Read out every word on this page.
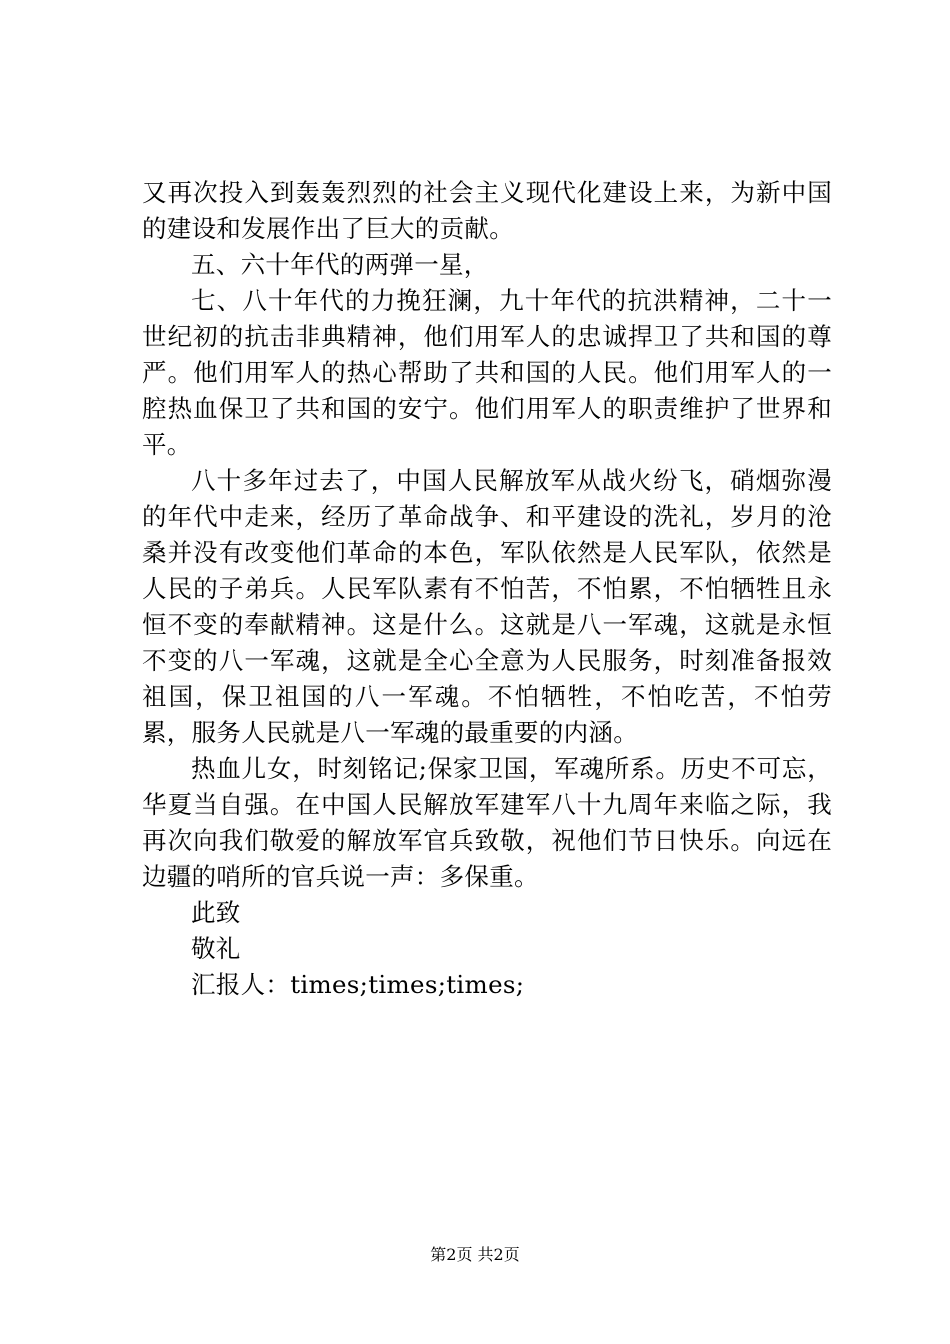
又再次投入到轰轰烈烈的社会主义现代化建设上来，为新中国的建设和发展作出了巨大的贡献。

五、六十年代的两弹一星，

七、八十年代的力挽狂澜，九十年代的抗洪精神，二十一世纪初的抗击非典精神，他们用军人的忠诚捍卫了共和国的尊严。他们用军人的热心帮助了共和国的人民。他们用军人的一腔热血保卫了共和国的安宁。他们用军人的职责维护了世界和平。

八十多年过去了，中国人民解放军从战火纷飞，硝烟弥漫的年代中走来，经历了革命战争、和平建设的洗礼，岁月的沧桑并没有改变他们革命的本色，军队依然是人民军队，依然是人民的子弟兵。人民军队素有不怕苦，不怕累，不怕牺牲且永恒不变的奉献精神。这是什么。这就是八一军魂，这就是永恒不变的八一军魂，这就是全心全意为人民服务，时刻准备报效祖国，保卫祖国的八一军魂。不怕牺牲，不怕吃苦，不怕劳累，服务人民就是八一军魂的最重要的内涵。

热血儿女，时刻铭记;保家卫国，军魂所系。历史不可忘，华夏当自强。在中国人民解放军建军八十九周年来临之际，我再次向我们敬爱的解放军官兵致敬，祝他们节日快乐。向远在边疆的哨所的官兵说一声：多保重。

此致

敬礼

汇报人：times;times;times;

第2页 共2页
